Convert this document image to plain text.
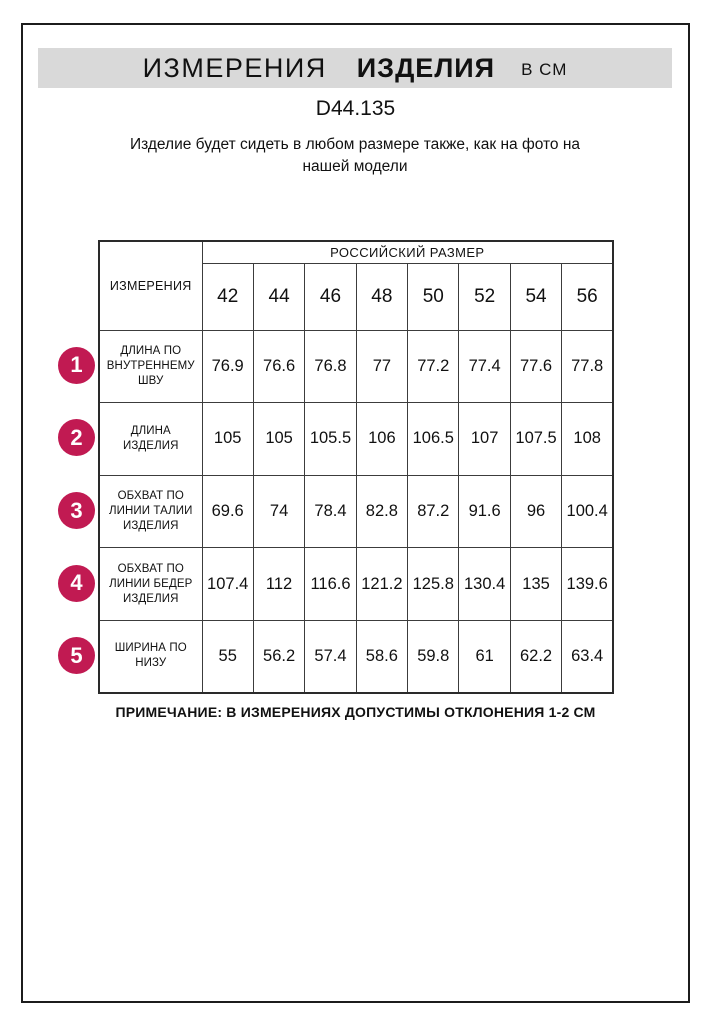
ИЗМЕРЕНИЯ ИЗДЕЛИЯ В СМ
D44.135
Изделие будет сидеть в любом размере также, как на фото на нашей модели
ИЗМЕРЕНИЯ	РОССИЙСКИЙ РАЗМЕР							
	42	44	46	48	50	52	54	56
ДЛИНА ПО ВНУТРЕННЕМУ ШВУ	76.9	76.6	76.8	77	77.2	77.4	77.6	77.8
ДЛИНА ИЗДЕЛИЯ	105	105	105.5	106	106.5	107	107.5	108
ОБХВАТ ПО ЛИНИИ ТАЛИИ ИЗДЕЛИЯ	69.6	74	78.4	82.8	87.2	91.6	96	100.4
ОБХВАТ ПО ЛИНИИ БЕДЕР ИЗДЕЛИЯ	107.4	112	116.6	121.2	125.8	130.4	135	139.6
ШИРИНА ПО НИЗУ	55	56.2	57.4	58.6	59.8	61	62.2	63.4
1
2
3
4
5
ПРИМЕЧАНИЕ: В ИЗМЕРЕНИЯХ ДОПУСТИМЫ ОТКЛОНЕНИЯ 1-2 СМ
